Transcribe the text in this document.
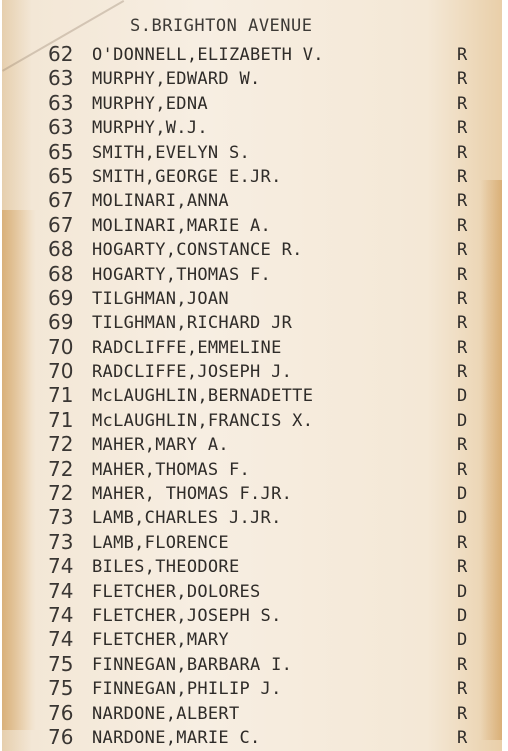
S.BRIGHTON AVENUE
62 O'DONNELL,ELIZABETH V.	R
63 MURPHY,EDWARD W.	R
63 MURPHY,EDNA	R
63 MURPHY,W.J.	R
65 SMITH,EVELYN S.	R
65 SMITH,GEORGE E.JR.	R
67 MOLINARI,ANNA	R
67 MOLINARI,MARIE A.	R
68 HOGARTY,CONSTANCE R.	R
68 HOGARTY,THOMAS F.	R
69 TILGHMAN,JOAN	R
69 TILGHMAN,RICHARD JR	R
70 RADCLIFFE,EMMELINE	R
70 RADCLIFFE,JOSEPH J.	R
71 McLAUGHLIN,BERNADETTE	D
71 McLAUGHLIN,FRANCIS X.	D
72 MAHER,MARY A.	R
72 MAHER,THOMAS F.	R
72 MAHER, THOMAS F.JR.	D
73 LAMB,CHARLES J.JR.	D
73 LAMB,FLORENCE	R
74 BILES,THEODORE	R
74 FLETCHER,DOLORES	D
74 FLETCHER,JOSEPH S.	D
74 FLETCHER,MARY	D
75 FINNEGAN,BARBARA I.	R
75 FINNEGAN,PHILIP J.	R
76 NARDONE,ALBERT	R
76 NARDONE,MARIE C.	R
